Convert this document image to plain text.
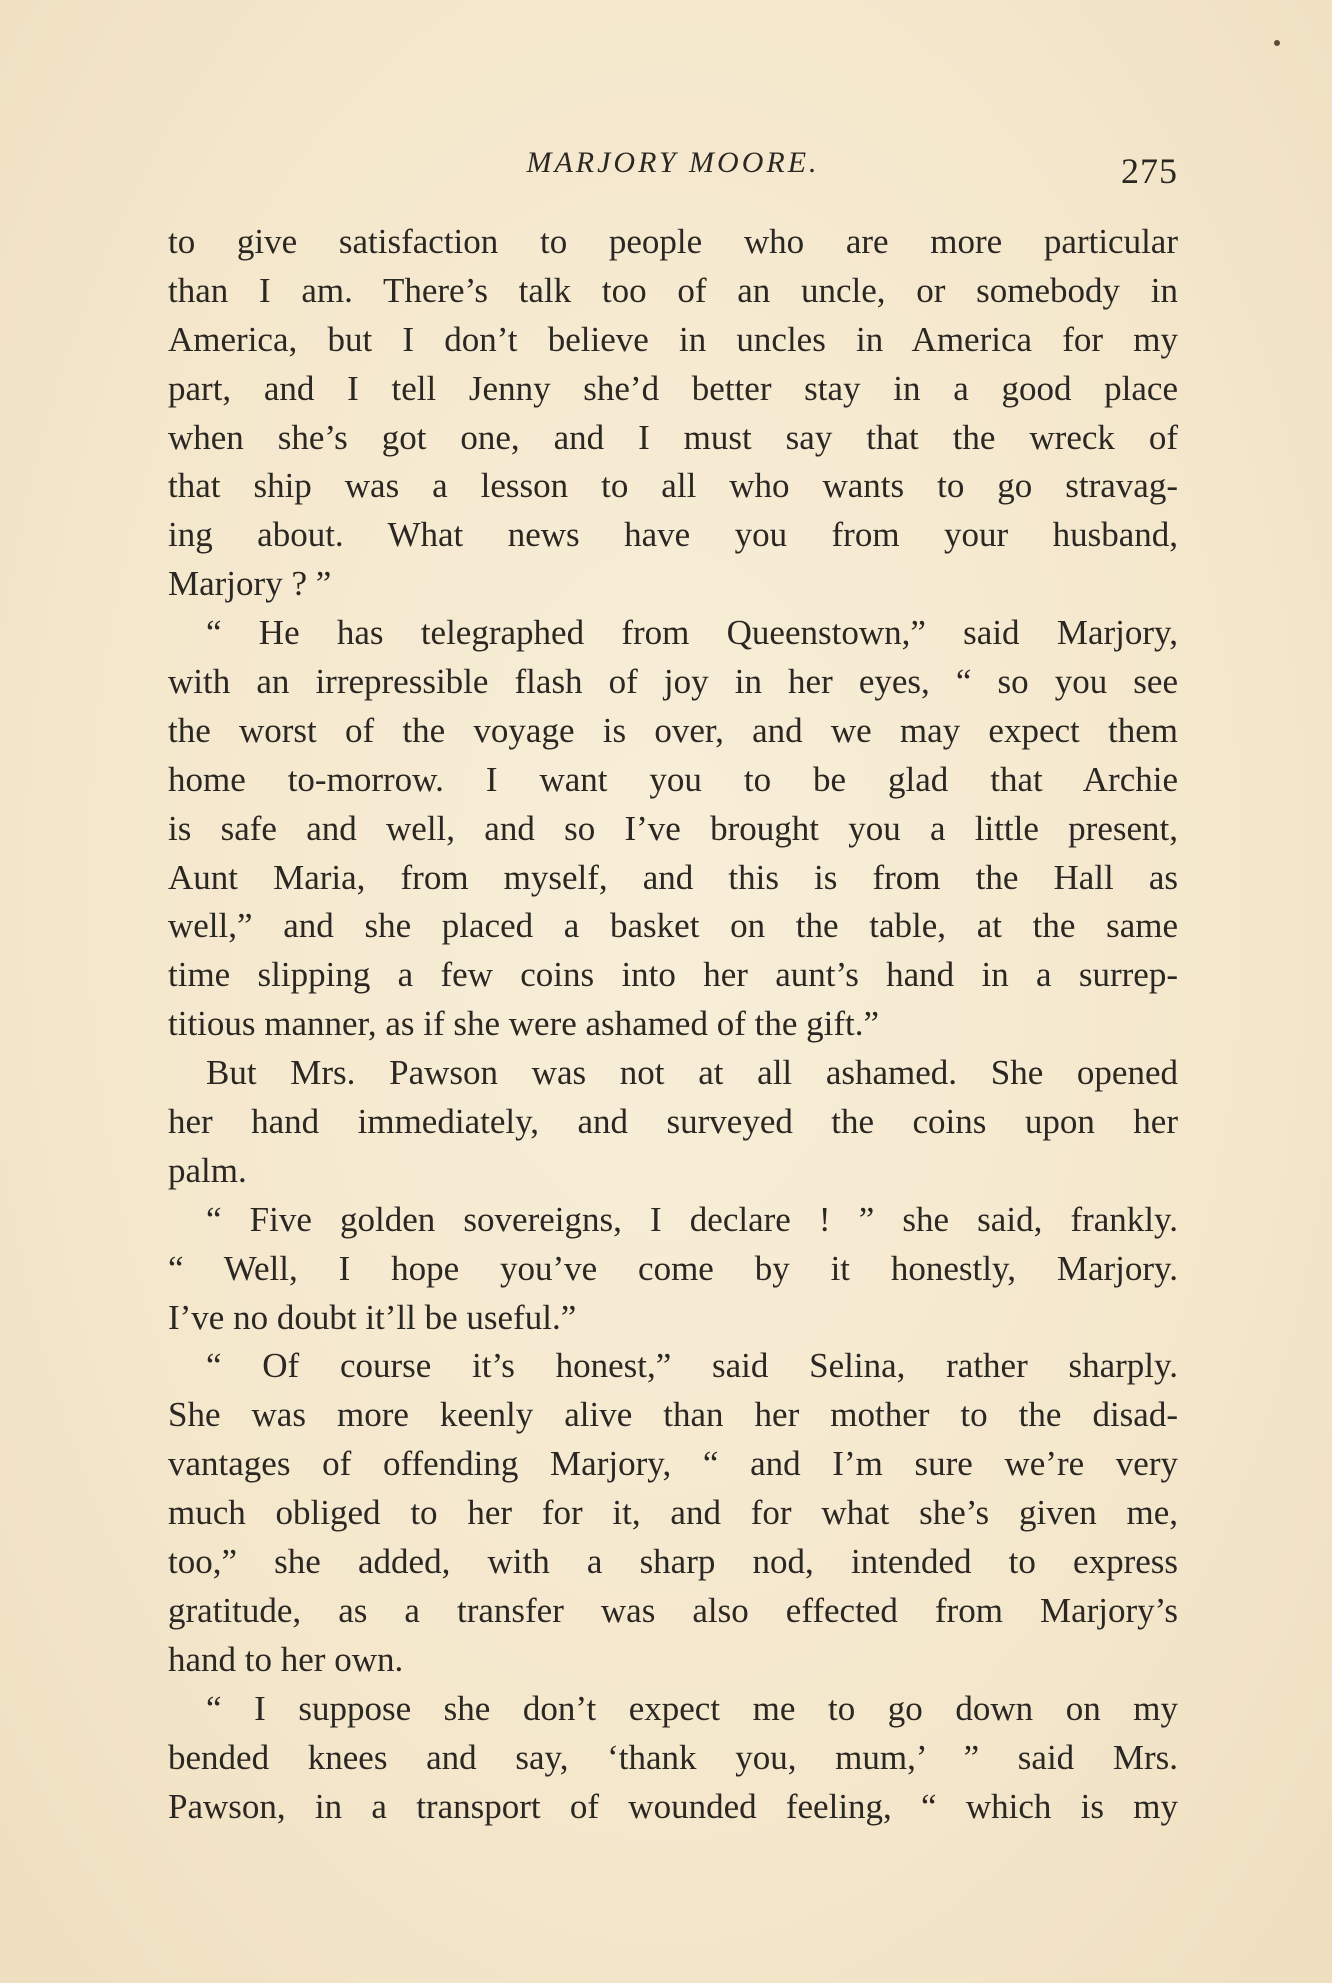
MARJORY MOORE.	275
to give satisfaction to people who are more particular
than I am. There’s talk too of an uncle, or somebody in
America, but I don’t believe in uncles in America for my
part, and I tell Jenny she’d better stay in a good place
when she’s got one, and I must say that the wreck of
that ship was a lesson to all who wants to go stravag-
ing about. What news have you from your husband,
Marjory ? ”
“ He has telegraphed from Queenstown,” said Marjory,
with an irrepressible flash of joy in her eyes, “ so you see
the worst of the voyage is over, and we may expect them
home to-morrow. I want you to be glad that Archie
is safe and well, and so I’ve brought you a little present,
Aunt Maria, from myself, and this is from the Hall as
well,” and she placed a basket on the table, at the same
time slipping a few coins into her aunt’s hand in a surrep-
titious manner, as if she were ashamed of the gift.”
But Mrs. Pawson was not at all ashamed. She opened
her hand immediately, and surveyed the coins upon her
palm.
“ Five golden sovereigns, I declare ! ” she said, frankly.
“ Well, I hope you’ve come by it honestly, Marjory.
I’ve no doubt it’ll be useful.”
“ Of course it’s honest,” said Selina, rather sharply.
She was more keenly alive than her mother to the disad-
vantages of offending Marjory, “ and I’m sure we’re very
much obliged to her for it, and for what she’s given me,
too,” she added, with a sharp nod, intended to express
gratitude, as a transfer was also effected from Marjory’s
hand to her own.
“ I suppose she don’t expect me to go down on my
bended knees and say, ‘thank you, mum,’ ” said Mrs.
Pawson, in a transport of wounded feeling, “ which is my
